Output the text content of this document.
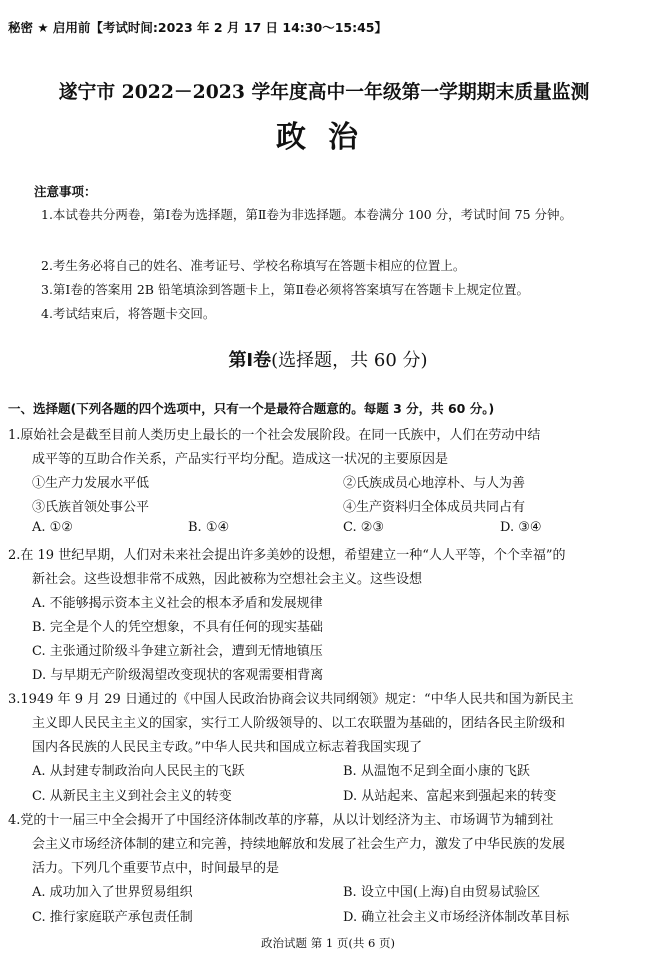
秘密 ★ 启用前【考试时间:2023 年 2 月 17 日 14:30～15:45】
遂宁市 2022－2023 学年度高中一年级第一学期期末质量监测
政治
注意事项：
1.本试卷共分两卷，第Ⅰ卷为选择题，第Ⅱ卷为非选择题。本卷满分 100 分，考试时间 75 分钟。
2.考生务必将自己的姓名、准考证号、学校名称填写在答题卡相应的位置上。
3.第Ⅰ卷的答案用 2B 铅笔填涂到答题卡上，第Ⅱ卷必须将答案填写在答题卡上规定位置。
4.考试结束后，将答题卡交回。
第Ⅰ卷(选择题，共 60 分)
一、选择题(下列各题的四个选项中，只有一个是最符合题意的。每题 3 分，共 60 分。)
1.原始社会是截至目前人类历史上最长的一个社会发展阶段。在同一氏族中，人们在劳动中结
成平等的互助合作关系，产品实行平均分配。造成这一状况的主要原因是
①生产力发展水平低	②氏族成员心地淳朴、与人为善
③氏族首领处事公平	④生产资料归全体成员共同占有
A. ①②	B. ①④	C. ②③	D. ③④
2.在 19 世纪早期，人们对未来社会提出许多美妙的设想，希望建立一种“人人平等，个个幸福”的
新社会。这些设想非常不成熟，因此被称为空想社会主义。这些设想
A. 不能够揭示资本主义社会的根本矛盾和发展规律
B. 完全是个人的凭空想象，不具有任何的现实基础
C. 主张通过阶级斗争建立新社会，遭到无情地镇压
D. 与早期无产阶级渴望改变现状的客观需要相背离
3.1949 年 9 月 29 日通过的《中国人民政治协商会议共同纲领》规定：“中华人民共和国为新民主
主义即人民民主主义的国家，实行工人阶级领导的、以工农联盟为基础的，团结各民主阶级和
国内各民族的人民民主专政。”中华人民共和国成立标志着我国实现了
A. 从封建专制政治向人民民主的飞跃	B. 从温饱不足到全面小康的飞跃
C. 从新民主主义到社会主义的转变	D. 从站起来、富起来到强起来的转变
4.党的十一届三中全会揭开了中国经济体制改革的序幕，从以计划经济为主、市场调节为辅到社
会主义市场经济体制的建立和完善，持续地解放和发展了社会生产力，激发了中华民族的发展
活力。下列几个重要节点中，时间最早的是
A. 成功加入了世界贸易组织	B. 设立中国(上海)自由贸易试验区
C. 推行家庭联产承包责任制	D. 确立社会主义市场经济体制改革目标
政治试题 第 1 页(共 6 页)
